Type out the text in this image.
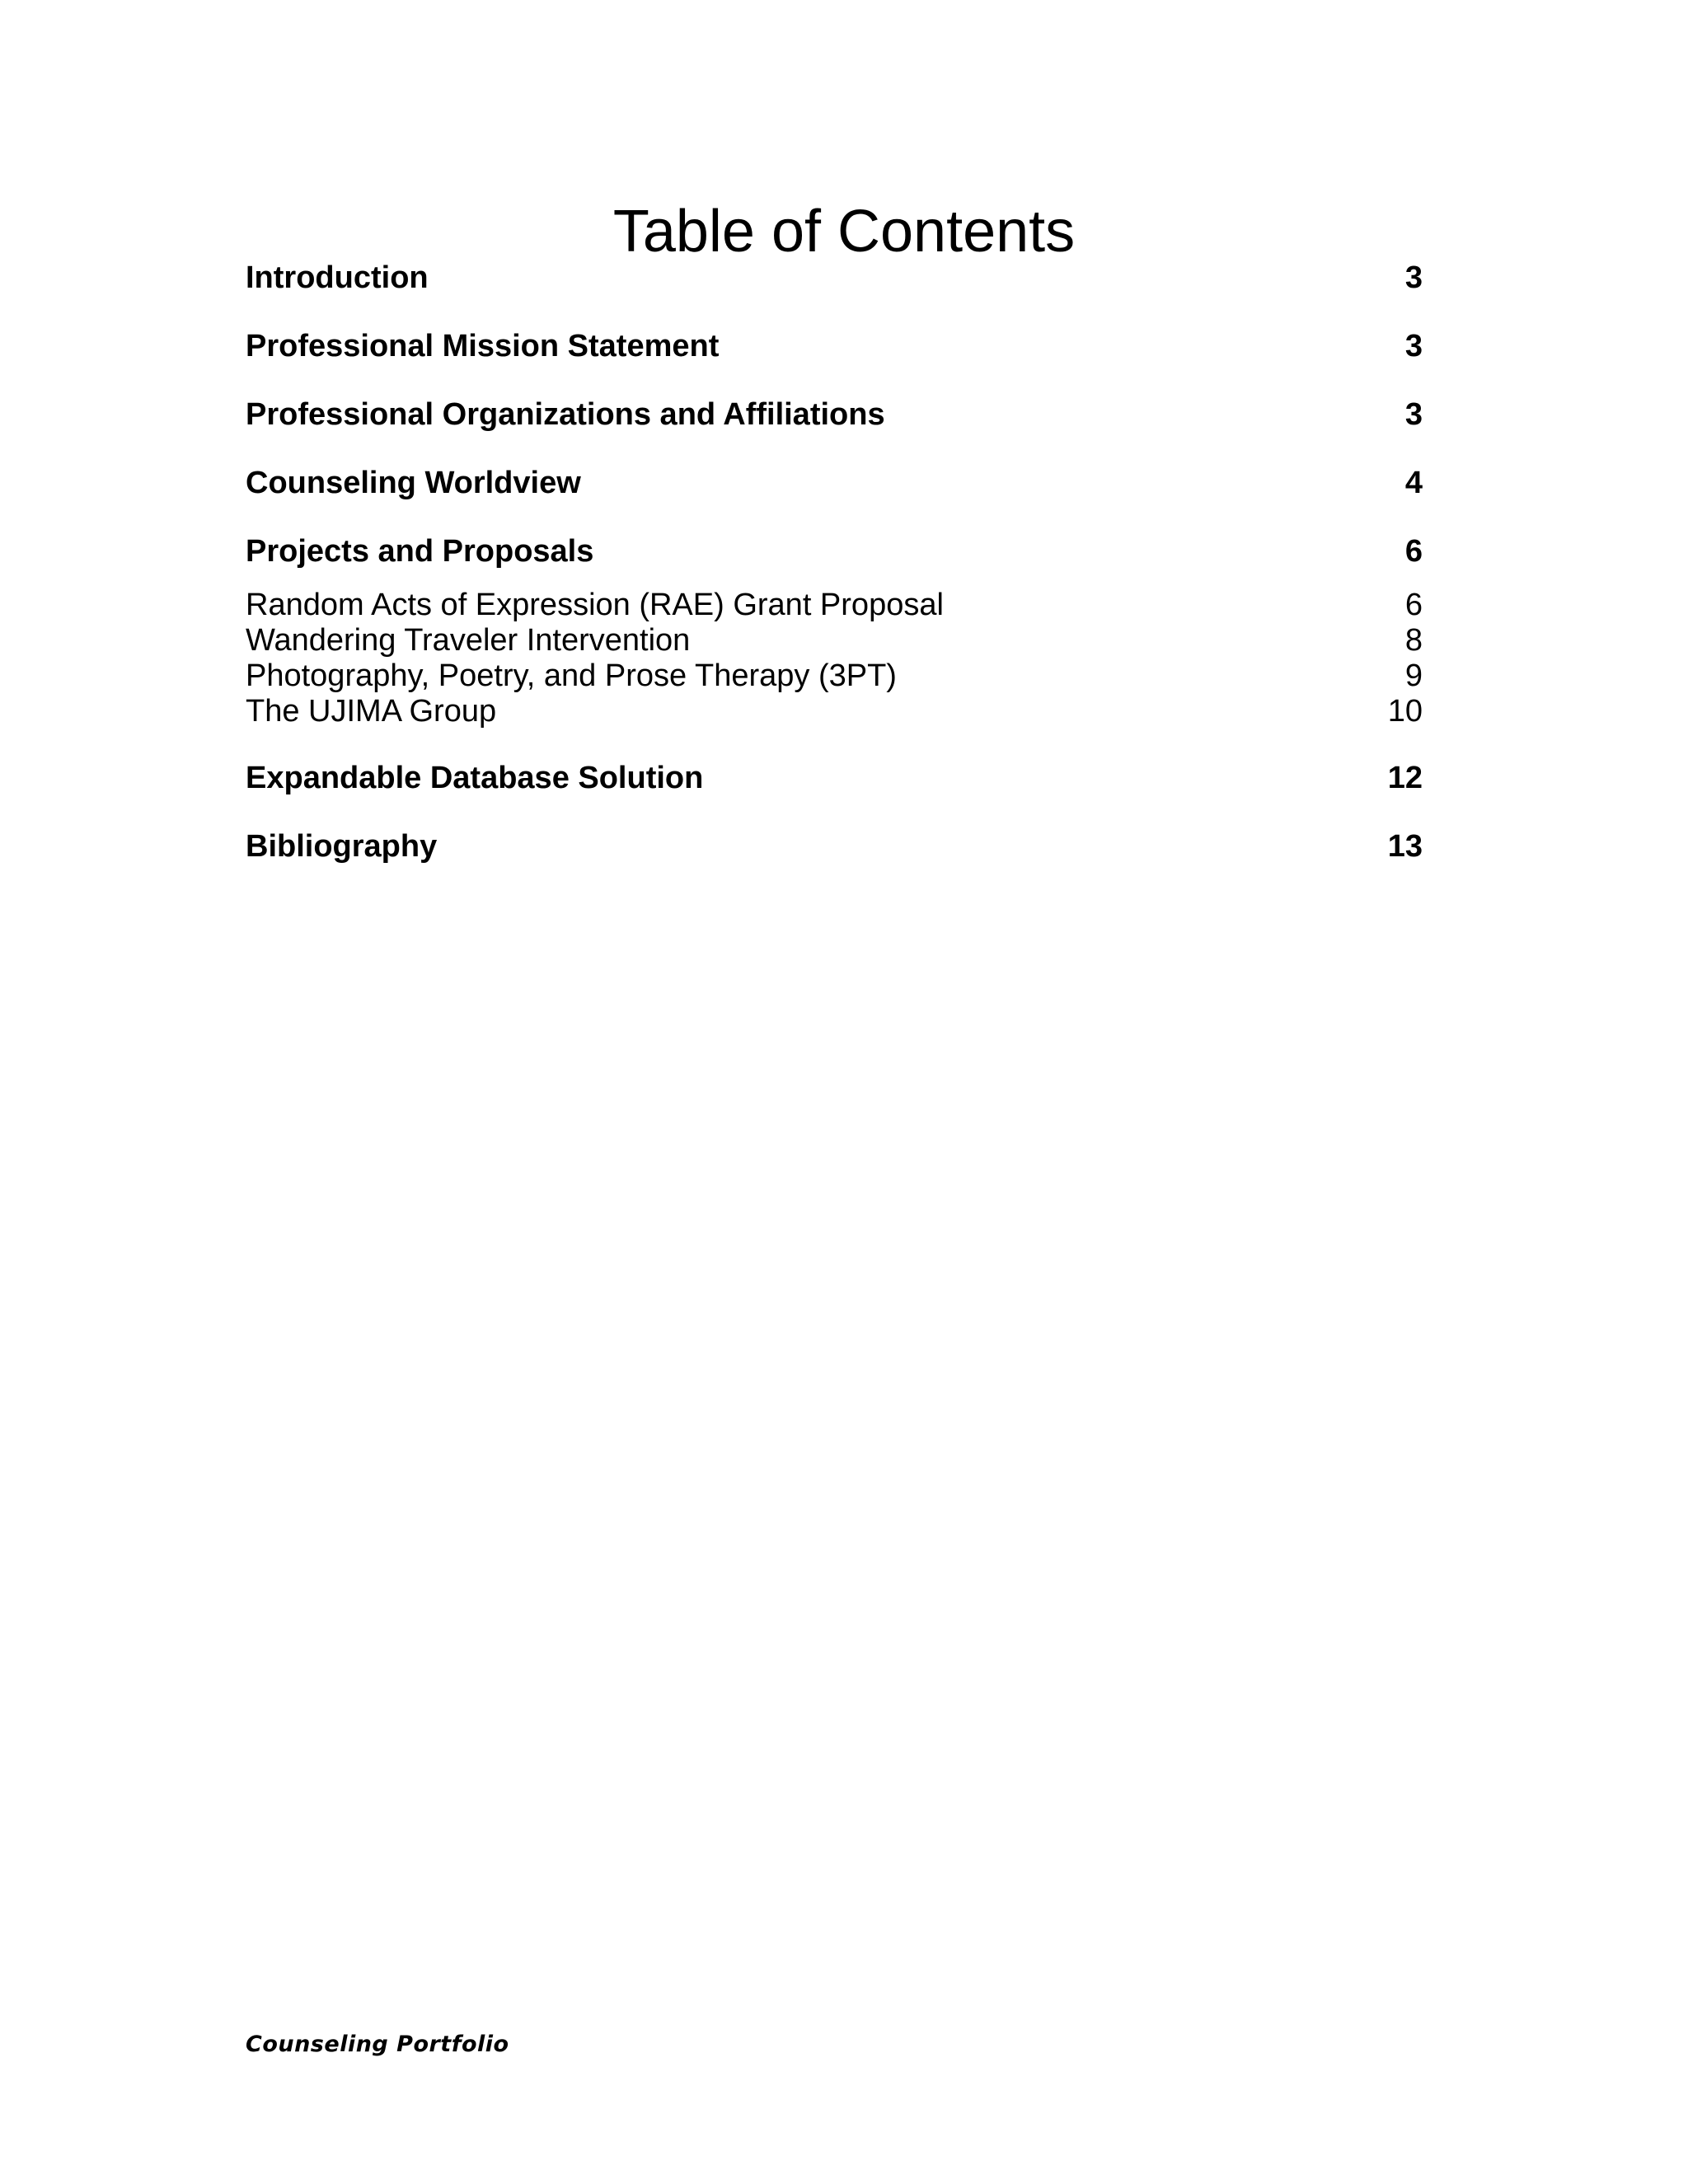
Table of Contents
Introduction	3
Professional Mission Statement	3
Professional Organizations and Affiliations	3
Counseling Worldview	4
Projects and Proposals	6
Random Acts of Expression (RAE) Grant Proposal	6
Wandering Traveler Intervention	8
Photography, Poetry, and Prose Therapy (3PT)	9
The UJIMA Group	10
Expandable Database Solution	12
Bibliography	13
Counseling Portfolio
